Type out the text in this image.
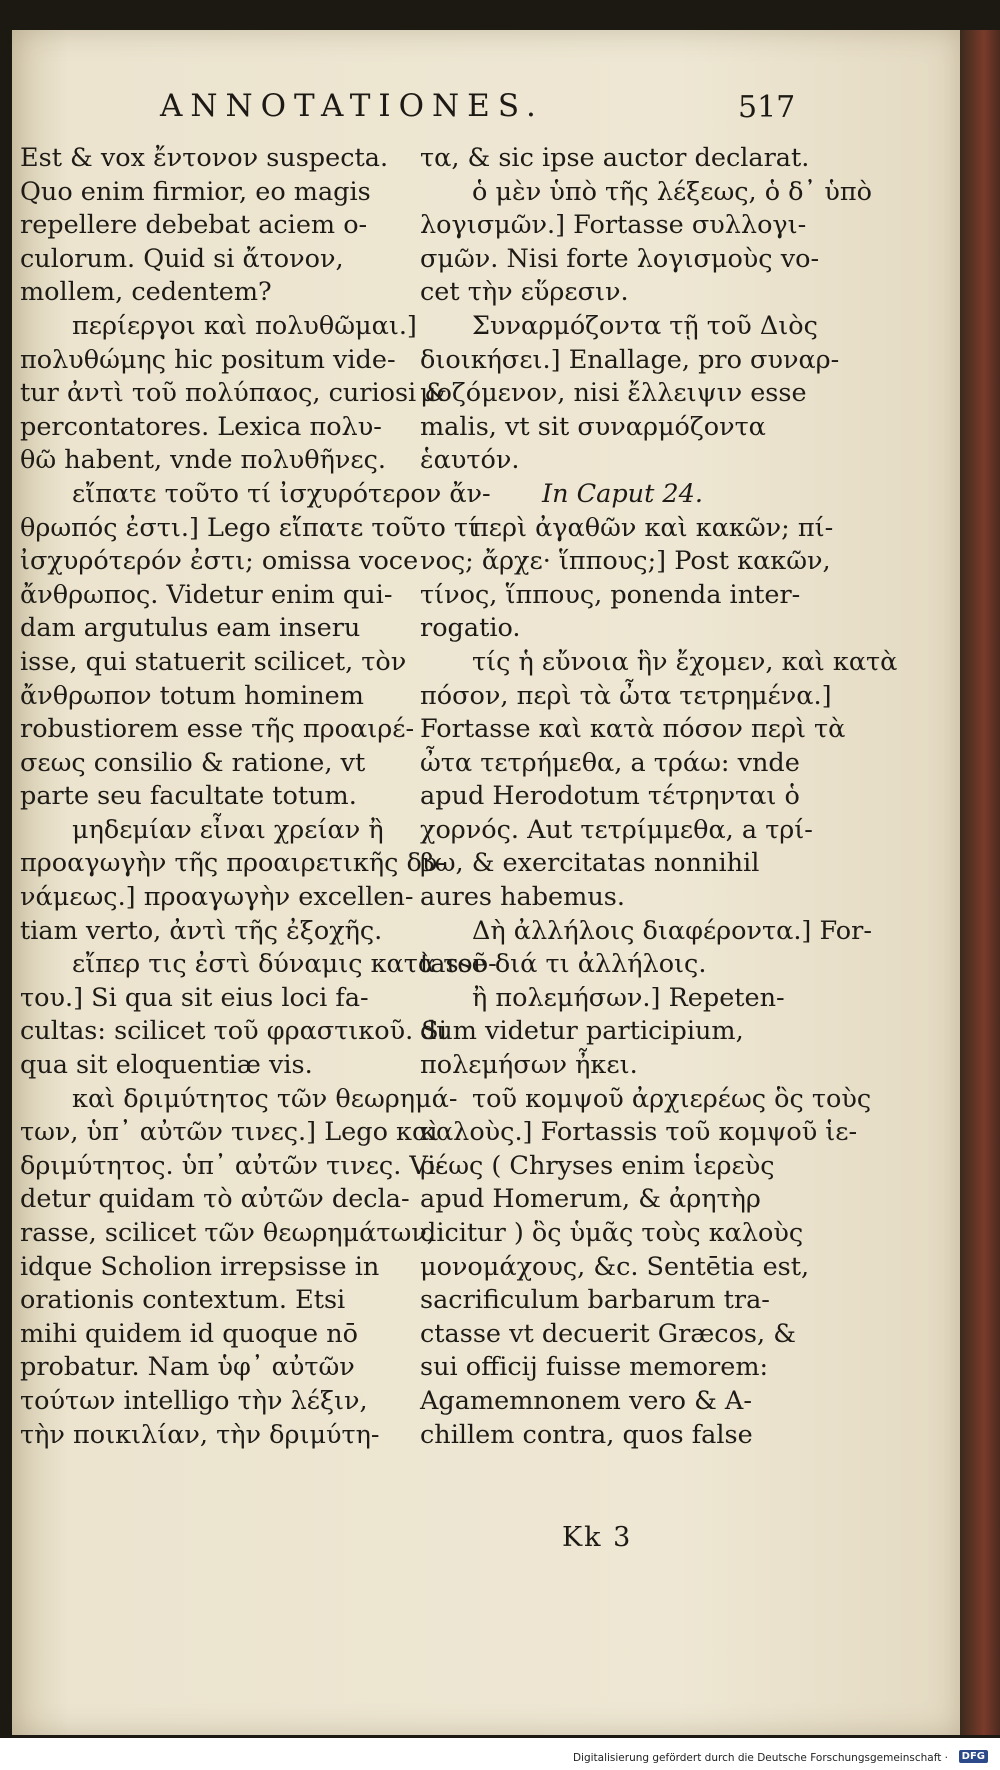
ANNOTATIONES.	517
Est & vox ἔντονον suspecta.
Quo enim firmior, eo magis
repellere debebat aciem o-
culorum. Quid si ἄτονον,
mollem, cedentem?
περίεργοι καὶ πολυθῶμαι.]
πολυθώμης hic positum vide-
tur ἀντὶ τοῦ πολύπαος, curiosi &
percontatores. Lexica πολυ-
θῶ habent, vnde πολυθῆνες.
εἴπατε τοῦτο τί ἰσχυρότερον ἄν-
θρωπός ἐστι.] Lego εἴπατε τοῦτο τί
ἰσχυρότερόν ἐστι; omissa voce
ἄνθρωπος. Videtur enim qui-
dam argutulus eam inseru
isse, qui statuerit scilicet, τὸν
ἄνθρωπον totum hominem
robustiorem esse τῆς προαιρέ-
σεως consilio & ratione, vt
parte seu facultate totum.
μηδεμίαν εἶναι χρείαν ἢ
προαγωγὴν τῆς προαιρετικῆς δυ-
νάμεως.] προαγωγὴν excellen-
tiam verto, ἀντὶ τῆς ἐξοχῆς.
εἴπερ τις ἐστὶ δύναμις κατὰ τοῦ-
του.] Si qua sit eius loci fa-
cultas: scilicet τοῦ φραστικοῦ. Si
qua sit eloquentiæ vis.
καὶ δριμύτητος τῶν θεωρημά-
των, ὑπ᾽ αὐτῶν τινες.] Lego καὶ
δριμύτητος. ὑπ᾽ αὐτῶν τινες. Vi-
detur quidam τὸ αὐτῶν decla-
rasse, scilicet τῶν θεωρημάτων,
idque Scholion irrepsisse in
orationis contextum. Etsi
mihi quidem id quoque nō
probatur. Nam ὑφ᾽ αὐτῶν
τούτων intelligo τὴν λέξιν,
τὴν ποικιλίαν, τὴν δριμύτη-
τα, & sic ipse auctor declarat.
ὁ μὲν ὑπὸ τῆς λέξεως, ὁ δ᾽ ὑπὸ
λογισμῶν.] Fortasse συλλογι-
σμῶν. Nisi forte λογισμοὺς vo-
cet τὴν εὕρεσιν.
Συναρμόζοντα τῇ τοῦ Διὸς
διοικήσει.] Enallage, pro συναρ-
μοζόμενον, nisi ἔλλειψιν esse
malis, vt sit συναρμόζοντα
ἑαυτόν.
In Caput 24.
περὶ ἀγαθῶν καὶ κακῶν; πί-
νος; ἄρχε· ἵππους;] Post κακῶν,
τίνος, ἵππους, ponenda inter-
rogatio.
τίς ἡ εὔνοια ἣν ἔχομεν, καὶ κατὰ
πόσον, περὶ τὰ ὦτα τετρημένα.]
Fortasse καὶ κατὰ πόσον περὶ τὰ
ὦτα τετρήμεθα, a τράω: vnde
apud Herodotum τέτρηνται ὁ
χορνός. Aut τετρίμμεθα, a τρί-
βω, & exercitatas nonnihil
aures habemus.
Δὴ ἀλλήλοις διαφέροντα.] For-
tasse διά τι ἀλλήλοις.
ἢ πολεμήσων.] Repeten-
dum videtur participium,
πολεμήσων ἦκει.
τοῦ κομψοῦ ἀρχιερέως ὃς τοὺς
καλοὺς.] Fortassis τοῦ κομψοῦ ἱε-
ρέως ( Chryses enim ἱερεὺς
apud Homerum, & ἀρητὴρ
dicitur ) ὃς ὑμᾶς τοὺς καλοὺς
μονομάχους, &c. Sentētia est,
sacrificulum barbarum tra-
ctasse vt decuerit Græcos, &
sui officij fuisse memorem:
Agamemnonem vero & A-
chillem contra, quos false
Kk 3
Digitalisierung gefördert durch die Deutsche Forschungsgemeinschaft ·	DFG
